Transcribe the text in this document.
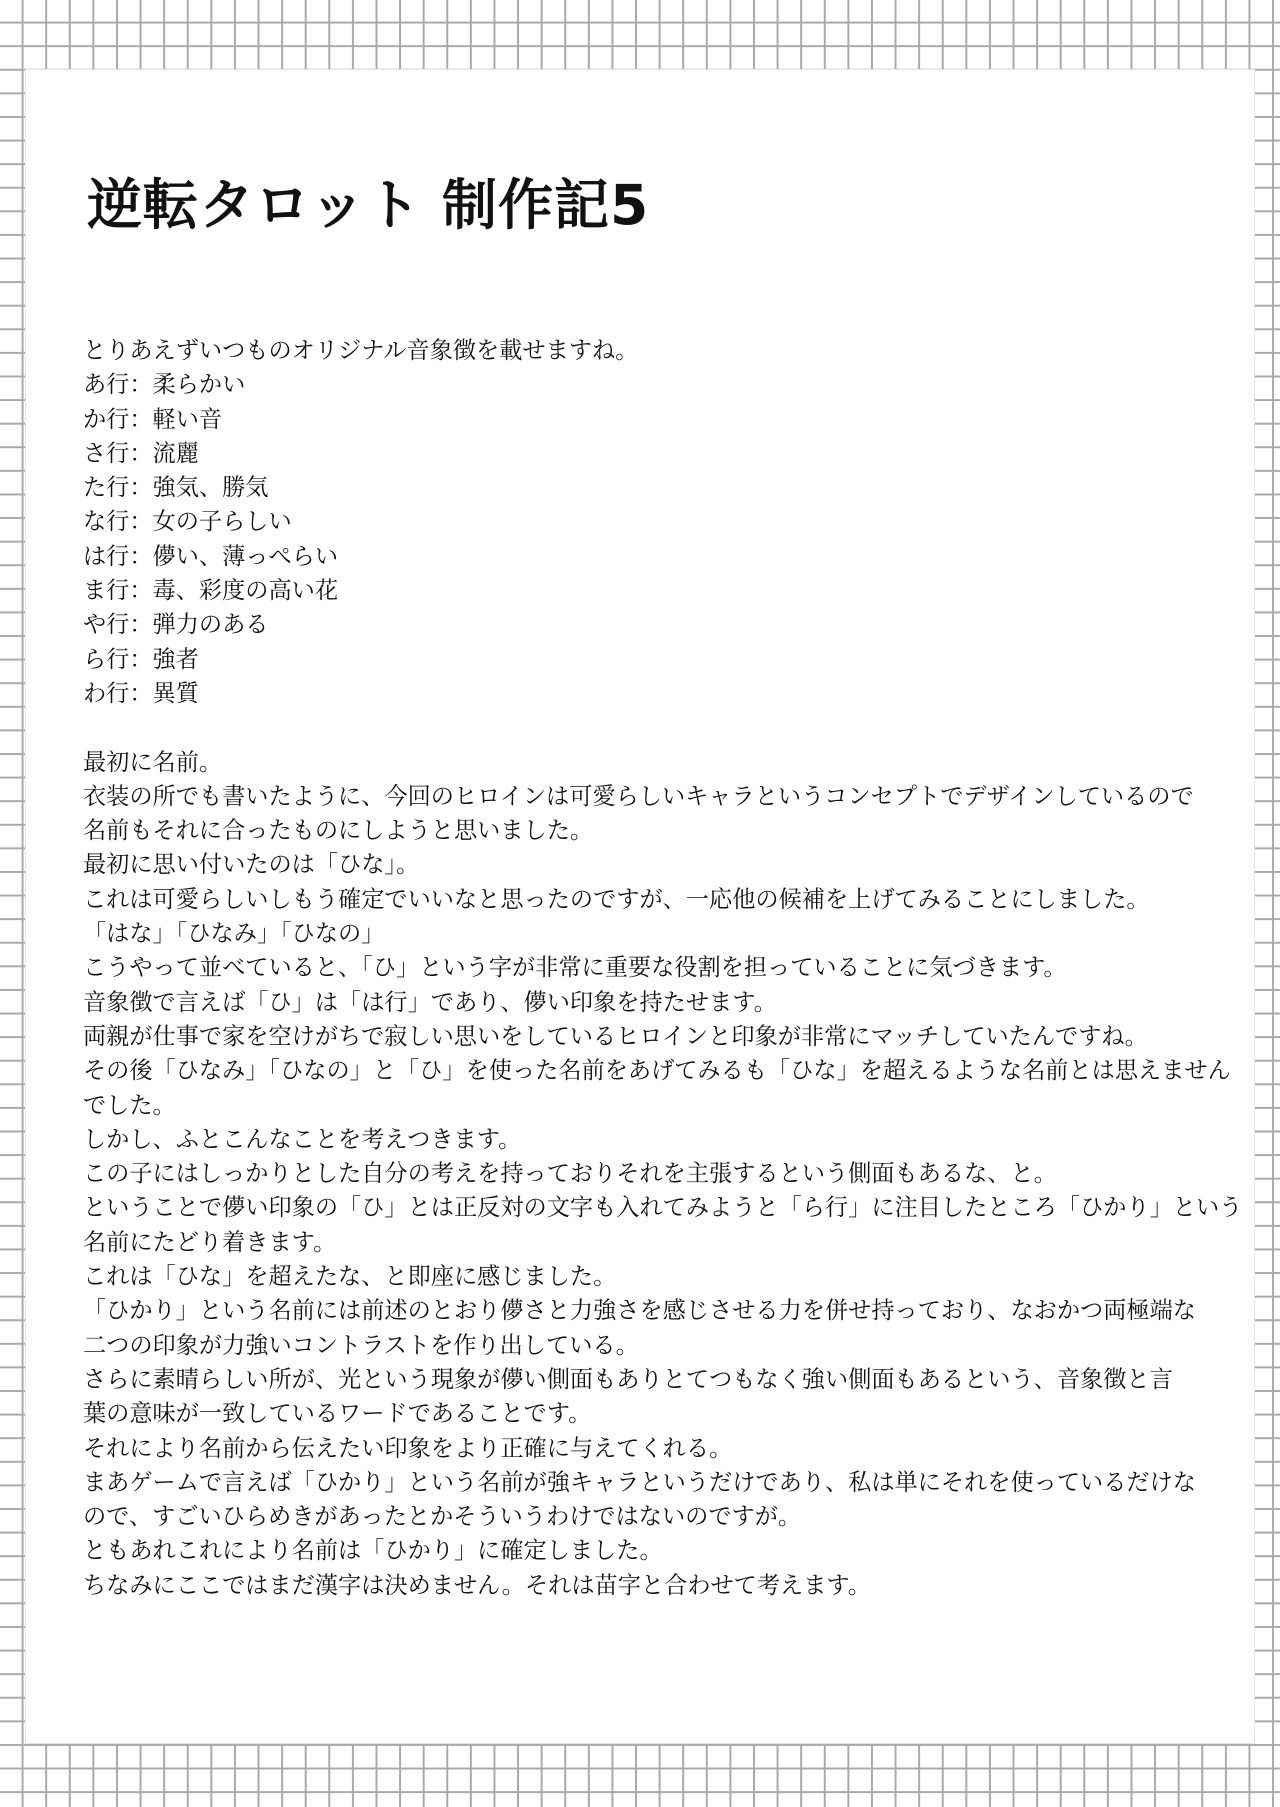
逆転タロット 制作記5
とりあえずいつものオリジナル音象徴を載せますね。
あ行：柔らかい
か行：軽い音
さ行：流麗
た行：強気、勝気
な行：女の子らしい
は行：儚い、薄っぺらい
ま行：毒、彩度の高い花
や行：弾力のある
ら行：強者
わ行：異質
最初に名前。
衣装の所でも書いたように、今回のヒロインは可愛らしいキャラというコンセプトでデザインしているので
名前もそれに合ったものにしようと思いました。
最初に思い付いたのは「ひな」。
これは可愛らしいしもう確定でいいなと思ったのですが、一応他の候補を上げてみることにしました。
「はな」「ひなみ」「ひなの」
こうやって並べていると、「ひ」という字が非常に重要な役割を担っていることに気づきます。
音象徴で言えば「ひ」は「は行」であり、儚い印象を持たせます。
両親が仕事で家を空けがちで寂しい思いをしているヒロインと印象が非常にマッチしていたんですね。
その後「ひなみ」「ひなの」と「ひ」を使った名前をあげてみるも「ひな」を超えるような名前とは思えません
でした。
しかし、ふとこんなことを考えつきます。
この子にはしっかりとした自分の考えを持っておりそれを主張するという側面もあるな、と。
ということで儚い印象の「ひ」とは正反対の文字も入れてみようと「ら行」に注目したところ「ひかり」という
名前にたどり着きます。
これは「ひな」を超えたな、と即座に感じました。
「ひかり」という名前には前述のとおり儚さと力強さを感じさせる力を併せ持っており、なおかつ両極端な
二つの印象が力強いコントラストを作り出している。
さらに素晴らしい所が、光という現象が儚い側面もありとてつもなく強い側面もあるという、音象徴と言
葉の意味が一致しているワードであることです。
それにより名前から伝えたい印象をより正確に与えてくれる。
まあゲームで言えば「ひかり」という名前が強キャラというだけであり、私は単にそれを使っているだけな
ので、すごいひらめきがあったとかそういうわけではないのですが。
ともあれこれにより名前は「ひかり」に確定しました。
ちなみにここではまだ漢字は決めません。それは苗字と合わせて考えます。
